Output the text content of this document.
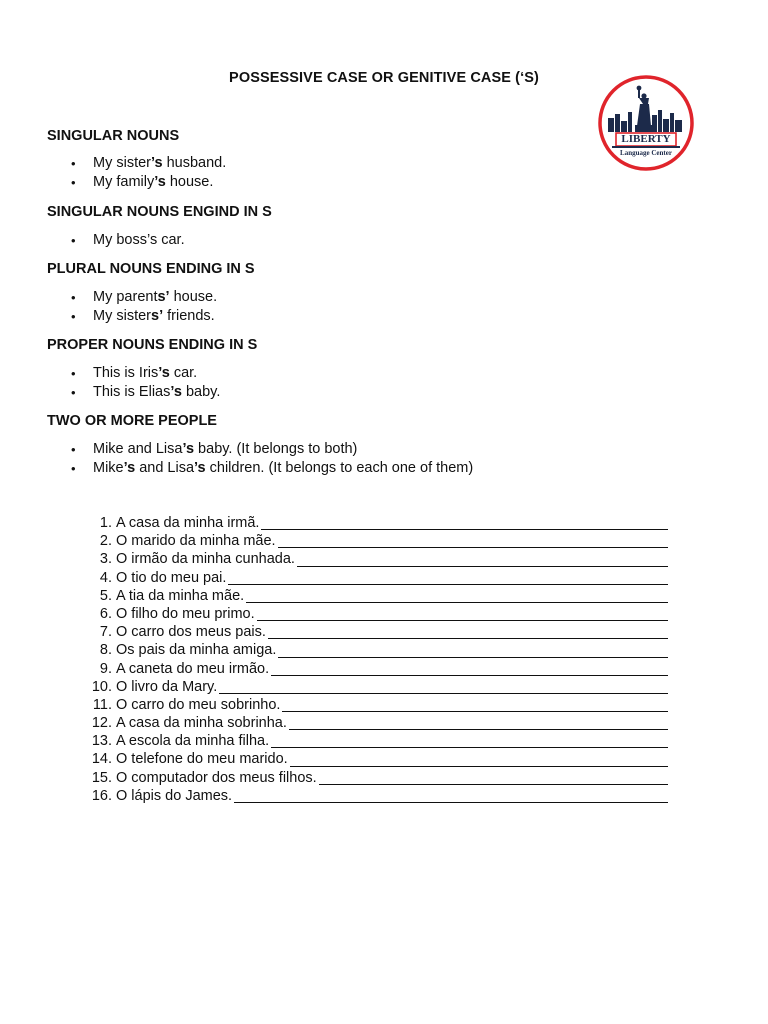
POSSESSIVE CASE OR GENITIVE CASE (‘S)
LIBERTY
Language Center
SINGULAR NOUNS
• My sister’s husband.
• My family’s house.
SINGULAR NOUNS ENGIND IN S
• My boss’s car.
PLURAL NOUNS ENDING IN S
• My parents’ house.
• My sisters’ friends.
PROPER NOUNS ENDING IN S
• This is Iris’s car.
• This is Elias’s baby.
TWO OR MORE PEOPLE
• Mike and Lisa’s baby. (It belongs to both)
• Mike’s and Lisa’s children. (It belongs to each one of them)
1. A casa da minha irmã.
2. O marido da minha mãe.
3. O irmão da minha cunhada.
4. O tio do meu pai.
5. A tia da minha mãe.
6. O filho do meu primo.
7. O carro dos meus pais.
8. Os pais da minha amiga.
9. A caneta do meu irmão.
10. O livro da Mary.
11. O carro do meu sobrinho.
12. A casa da minha sobrinha.
13. A escola da minha filha.
14. O telefone do meu marido.
15. O computador dos meus filhos.
16. O lápis do James.
